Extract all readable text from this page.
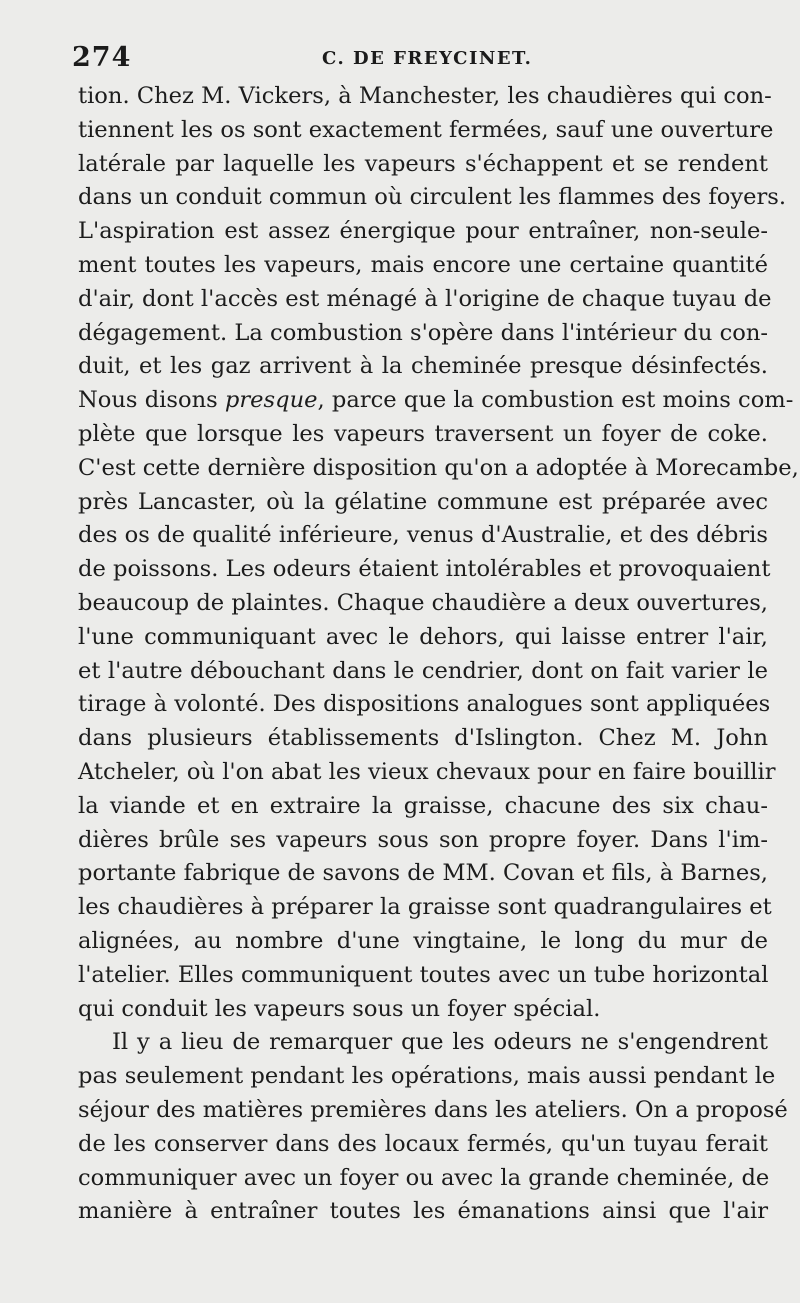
274	C. DE FREYCINET.
tion. Chez M. Vickers, à Manchester, les chaudières qui con-
tiennent les os sont exactement fermées, sauf une ouverture
latérale par laquelle les vapeurs s'échappent et se rendent
dans un conduit commun où circulent les flammes des foyers.
L'aspiration est assez énergique pour entraîner, non-seule-
ment toutes les vapeurs, mais encore une certaine quantité
d'air, dont l'accès est ménagé à l'origine de chaque tuyau de
dégagement. La combustion s'opère dans l'intérieur du con-
duit, et les gaz arrivent à la cheminée presque désinfectés.
Nous disons presque, parce que la combustion est moins com-
plète que lorsque les vapeurs traversent un foyer de coke.
C'est cette dernière disposition qu'on a adoptée à Morecambe,
près Lancaster, où la gélatine commune est préparée avec
des os de qualité inférieure, venus d'Australie, et des débris
de poissons. Les odeurs étaient intolérables et provoquaient
beaucoup de plaintes. Chaque chaudière a deux ouvertures,
l'une communiquant avec le dehors, qui laisse entrer l'air,
et l'autre débouchant dans le cendrier, dont on fait varier le
tirage à volonté. Des dispositions analogues sont appliquées
dans plusieurs établissements d'Islington. Chez M. John
Atcheler, où l'on abat les vieux chevaux pour en faire bouillir
la viande et en extraire la graisse, chacune des six chau-
dières brûle ses vapeurs sous son propre foyer. Dans l'im-
portante fabrique de savons de MM. Covan et fils, à Barnes,
les chaudières à préparer la graisse sont quadrangulaires et
alignées, au nombre d'une vingtaine, le long du mur de
l'atelier. Elles communiquent toutes avec un tube horizontal
qui conduit les vapeurs sous un foyer spécial.
Il y a lieu de remarquer que les odeurs ne s'engendrent
pas seulement pendant les opérations, mais aussi pendant le
séjour des matières premières dans les ateliers. On a proposé
de les conserver dans des locaux fermés, qu'un tuyau ferait
communiquer avec un foyer ou avec la grande cheminée, de
manière à entraîner toutes les émanations ainsi que l'air
